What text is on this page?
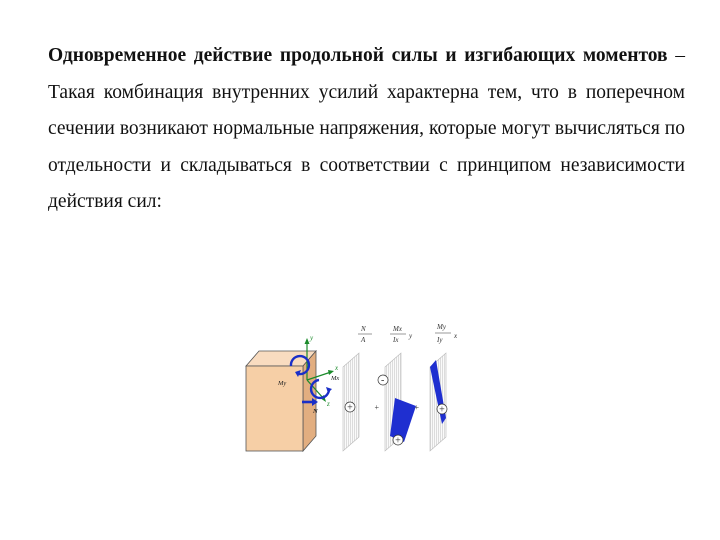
Одновременное действие продольной силы и изгибающих моментов – Такая комбинация внутренних усилий характерна тем, что в поперечном сечении возникают нормальные напряжения, которые могут вычисляться по отдельности и складываться в соответствии с принципом независимости действия сил:

y
x
z
My
Mx
N
N
A
Mx
Ix y
My
Iy x
+	+
-
+
+
+
